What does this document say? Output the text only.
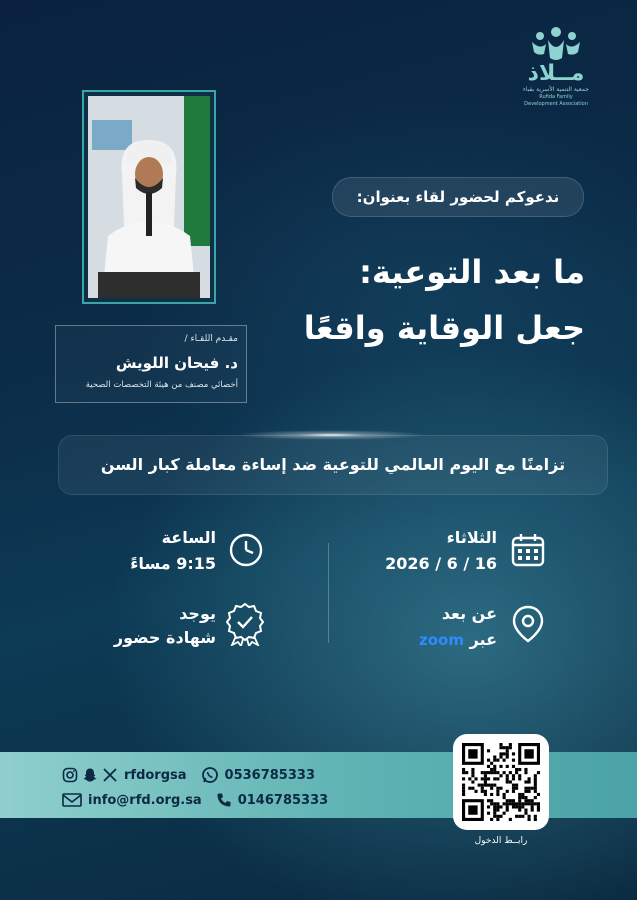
مــلاذ
جمعية التنمية الأسرية بقباء
Rufida Family Development Association
ندعوكم لحضور لقاء بعنوان:
ما بعد التوعية:
جعل الوقاية واقعًا
مقـدم اللقـاء /
د. فيحان اللويش
أخصائي مصنف من هيئة التخصصات الصحية
تزامنًا مع اليوم العالمي للتوعية ضد إساءة معاملة كبار السن
الثلاثاء
2026 / 6 / 16
الساعة
9:15 مساءً
عن بعد
عبر zoom
يوجد
شهادة حضور
rfdorgsa	0536785333
info@rfd.org.sa	0146785333
رابــط الدخول
